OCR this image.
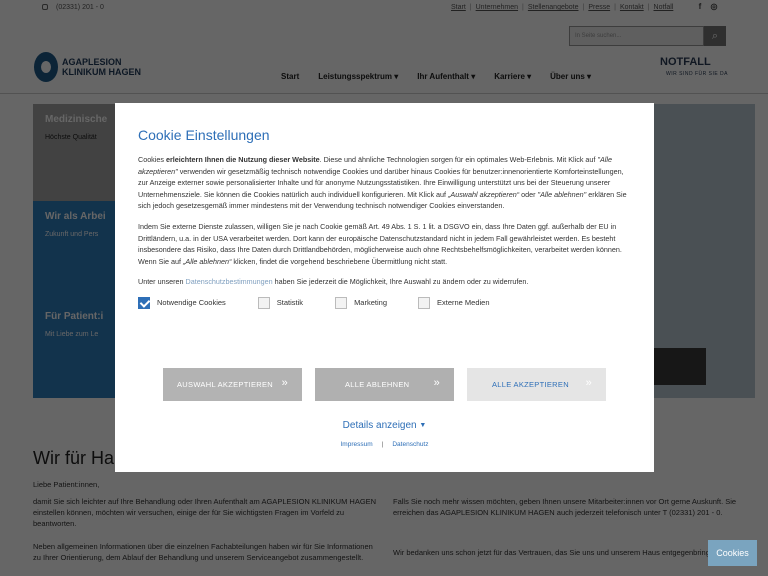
Cookie Einstellungen

Cookies erleichtern Ihnen die Nutzung dieser Website. Diese und ähnliche Technologien sorgen für ein optimales Web-Erlebnis. Mit Klick auf "Alle akzeptieren" verwenden wir gesetzmäßig technisch notwendige Cookies und darüber hinaus Cookies für benutzer:innenorientierte Komforteinstellungen, zur Anzeige externer sowie personalisierter Inhalte und für anonyme Nutzungsstatistiken. Ihre Einwilligung unterstützt uns bei der Steuerung unserer Unternehmensziele. Sie können die Cookies natürlich auch individuell konfigurieren. Mit Klick auf „Auswahl akzeptieren“ oder "Alle ablehnen" erklären Sie sich jedoch gesetzesgemäß immer mindestens mit der Verwendung technisch notwendiger Cookies einverstanden.

Indem Sie externe Dienste zulassen, willigen Sie je nach Cookie gemäß Art. 49 Abs. 1 S. 1 lit. a DSGVO ein, dass Ihre Daten ggf. außerhalb der EU in Drittländern, u.a. in der USA verarbeitet werden. Dort kann der europäische Datenschutzstandard nicht in jedem Fall gewährleistet werden. Es besteht insbesondere das Risiko, dass Ihre Daten durch Drittlandbehörden, möglicherweise auch ohne Rechtsbehelfsmöglichkeiten, verarbeitet werden können. Wenn Sie auf „Alle ablehnen“ klicken, findet die vorgehend beschriebene Übermittlung nicht statt.

Unter unseren Datenschutzbestimmungen haben Sie jederzeit die Möglichkeit, Ihre Auswahl zu ändern oder zu widerrufen.

Notwendige Cookies	Statistik	Marketing	Externe Medien
AUSWAHL AKZEPTIEREN »	ALLE ABLEHNEN »	ALLE AKZEPTIEREN »
Details anzeigen ▼
Impressum | Datenschutz
Cookies
